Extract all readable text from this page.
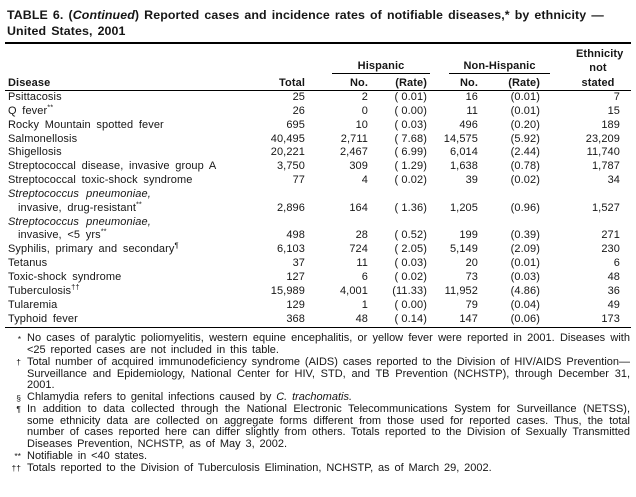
TABLE 6. (Continued) Reported cases and incidence rates of notifiable diseases,* by ethnicity —
United States, 2001
						Ethnicity

		Hispanic		Non-Hispanic		not
Disease	Total	No.	(Rate)	No.	(Rate)	stated
Psittacosis	25	2	( 0.01)	16	(0.01)	7
Q fever**	26	0	( 0.00)	11	(0.01)	15
Rocky Mountain spotted fever	695	10	( 0.03)	496	(0.20)	189
Salmonellosis	40,495	2,711	( 7.68)	14,575	(5.92)	23,209
Shigellosis	20,221	2,467	( 6.99)	6,014	(2.44)	11,740
Streptococcal disease, invasive group A	3,750	309	( 1.29)	1,638	(0.78)	1,787
Streptococcal toxic-shock syndrome	77	4	( 0.02)	39	(0.02)	34
Streptococcus pneumoniae,						
invasive, drug-resistant**	2,896	164	( 1.36)	1,205	(0.96)	1,527
Streptococcus pneumoniae,						
invasive, <5 yrs**	498	28	( 0.52)	199	(0.39)	271
Syphilis, primary and secondary¶	6,103	724	( 2.05)	5,149	(2.09)	230
Tetanus	37	11	( 0.03)	20	(0.01)	6
Toxic-shock syndrome	127	6	( 0.02)	73	(0.03)	48
Tuberculosis††	15,989	4,001	(11.33)	11,952	(4.86)	36
Tularemia	129	1	( 0.00)	79	(0.04)	49
Typhoid fever	368	48	( 0.14)	147	(0.06)	173
* No cases of paralytic poliomyelitis, western equine encephalitis, or yellow fever were reported in 2001. Diseases with <25 reported cases are not included in this table.
† Total number of acquired immunodeficiency syndrome (AIDS) cases reported to the Division of HIV/AIDS Prevention—Surveillance and Epidemiology, National Center for HIV, STD, and TB Prevention (NCHSTP), through December 31, 2001.
§ Chlamydia refers to genital infections caused by C. trachomatis.
¶ In addition to data collected through the National Electronic Telecommunications System for Surveillance (NETSS), some ethnicity data are collected on aggregate forms different from those used for reported cases. Thus, the total number of cases reported here can differ slightly from others. Totals reported to the Division of Sexually Transmitted Diseases Prevention, NCHSTP, as of May 3, 2002.
** Notifiable in <40 states.
†† Totals reported to the Division of Tuberculosis Elimination, NCHSTP, as of March 29, 2002.
